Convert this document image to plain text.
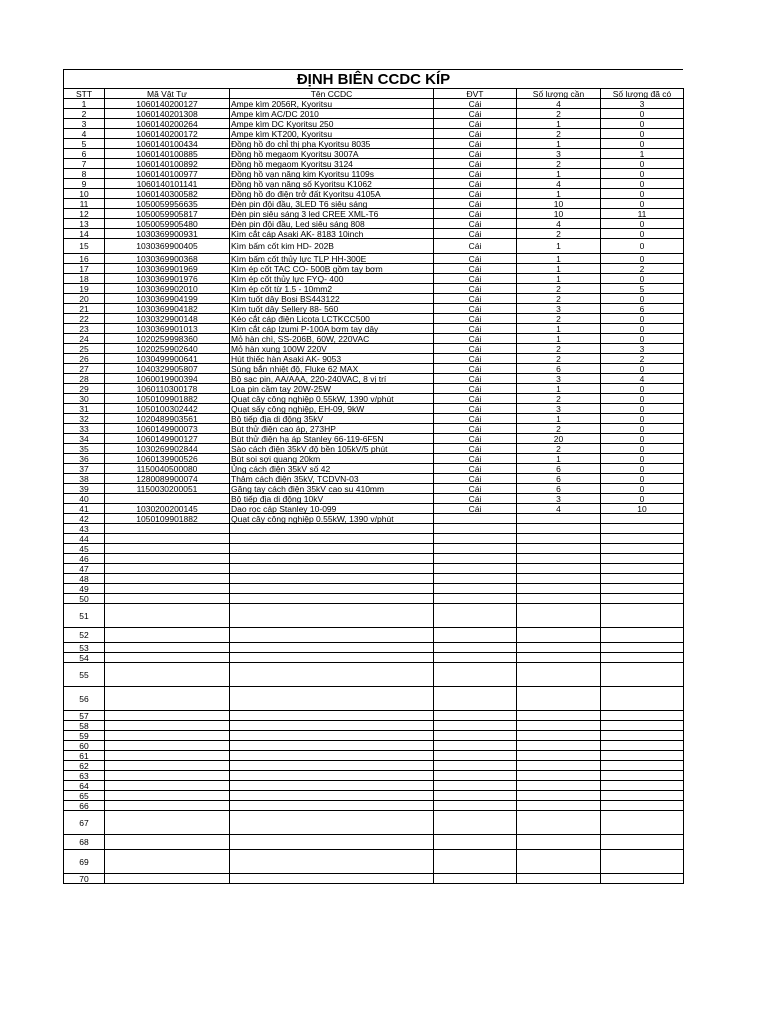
ĐỊNH BIÊN CCDC KÍP
STT	Mã Vật Tư	Tên CCDC	ĐVT	Số lượng cần	Số lượng đã có
1	1060140200127	Ampe kìm 2056R, Kyoritsu	Cái	4	3
2	1060140201308	Ampe kìm AC/DC 2010	Cái	2	0
3	1060140200264	Ampe kìm DC Kyoritsu 250	Cái	1	0
4	1060140200172	Ampe kìm KT200, Kyoritsu	Cái	2	0
5	1060140100434	Đồng hồ đo chỉ thị pha Kyoritsu 8035	Cái	1	0
6	1060140100885	Đồng hồ megaom Kyoritsu 3007A	Cái	3	1
7	1060140100892	Đồng hồ megaom Kyoritsu 3124	Cái	2	0
8	1060140100977	Đồng hồ vạn năng kim Kyoritsu 1109s	Cái	1	0
9	1060140101141	Đồng hồ vạn năng số Kyoritsu K1062	Cái	4	0
10	1060140300582	Đồng hồ đo điện trở đất Kyoritsu 4105A	Cái	1	0
11	1050059956635	Đèn pin đội đầu, 3LED T6 siêu sáng	Cái	10	0
12	1050059905817	Đèn pin siêu sáng 3 led CREE XML-T6	Cái	10	11
13	1050059905480	Đèn pin đội đầu, Led siêu sáng 808	Cái	4	0
14	1030369900931	Kìm cắt cáp Asaki AK- 8183 10inch	Cái	2	0
15	1030369900405	Kìm bấm cốt kim HD- 202B	Cái	1	0
16	1030369900368	Kìm bấm cốt thủy lực TLP HH-300E	Cái	1	0
17	1030369901969	Kìm ép cốt TAC CO- 500B gồm tay bơm	Cái	1	2
18	1030369901976	Kìm ép cốt thủy lực FYQ- 400	Cái	1	0
19	1030369902010	Kìm ép cốt từ 1.5 - 10mm2	Cái	2	5
20	1030369904199	Kìm tuốt dây Bosi BS443122	Cái	2	0
21	1030369904182	Kìm tuốt dây Sellery 88- 560	Cái	3	6
22	1030329900148	Kéo cắt cáp điện Licota LCTKCC500	Cái	2	0
23	1030369901013	Kìm cắt cáp Izumi P-100A bơm tay dây	Cái	1	0
24	1020259998360	Mỏ hàn chì, SS-206B, 60W, 220VAC	Cái	1	0
25	1020259902640	Mỏ hàn xung 100W 220V	Cái	2	3
26	1030499900641	Hút thiếc hàn Asaki AK- 9053	Cái	2	2
27	1040329905807	Súng bắn nhiệt độ, Fluke 62 MAX	Cái	6	0
28	1060019900394	Bộ sạc pin, AA/AAA, 220-240VAC, 8 vị trí	Cái	3	4
29	1060110300178	Loa pin cầm tay 20W-25W	Cái	1	0
30	1050109901882	Quạt cây công nghiệp 0.55kW, 1390 v/phút	Cái	2	0
31	1050100302442	Quạt sấy công nghiệp, EH-09, 9kW	Cái	3	0
32	1020489903561	Bộ tiếp địa di động 35kV	Cái	1	0
33	1060149900073	Bút thử điện cao áp, 273HP	Cái	2	0
34	1060149900127	Bút thử điện hạ áp Stanley 66-119-6F5N	Cái	20	0
35	1030269902844	Sào cách điện 35kV độ bền 105kV/5 phút	Cái	2	0
36	1060139900526	Bút soi sợi quang 20km	Cái	1	0
37	1150040500080	Ủng cách điện 35kV số 42	Cái	6	0
38	1280089900074	Thảm cách điện 35kV, TCDVN-03	Cái	6	0
39	1150030200051	Găng tay cách điện 35kV cao su 410mm	Cái	6	0
40		Bộ tiếp địa di động 10kV	Cái	3	0
41	1030200200145	Dao rọc cáp Stanley 10-099	Cái	4	10
42	1050109901882	Quạt cây công nghiệp 0.55kW, 1390 v/phút			
43					
44					
45					
46					
47					
48					
49					
50					
51					
52					
53					
54					
55					
56					
57					
58					
59					
60					
61					
62					
63					
64					
65					
66					
67					
68					
69					
70					
